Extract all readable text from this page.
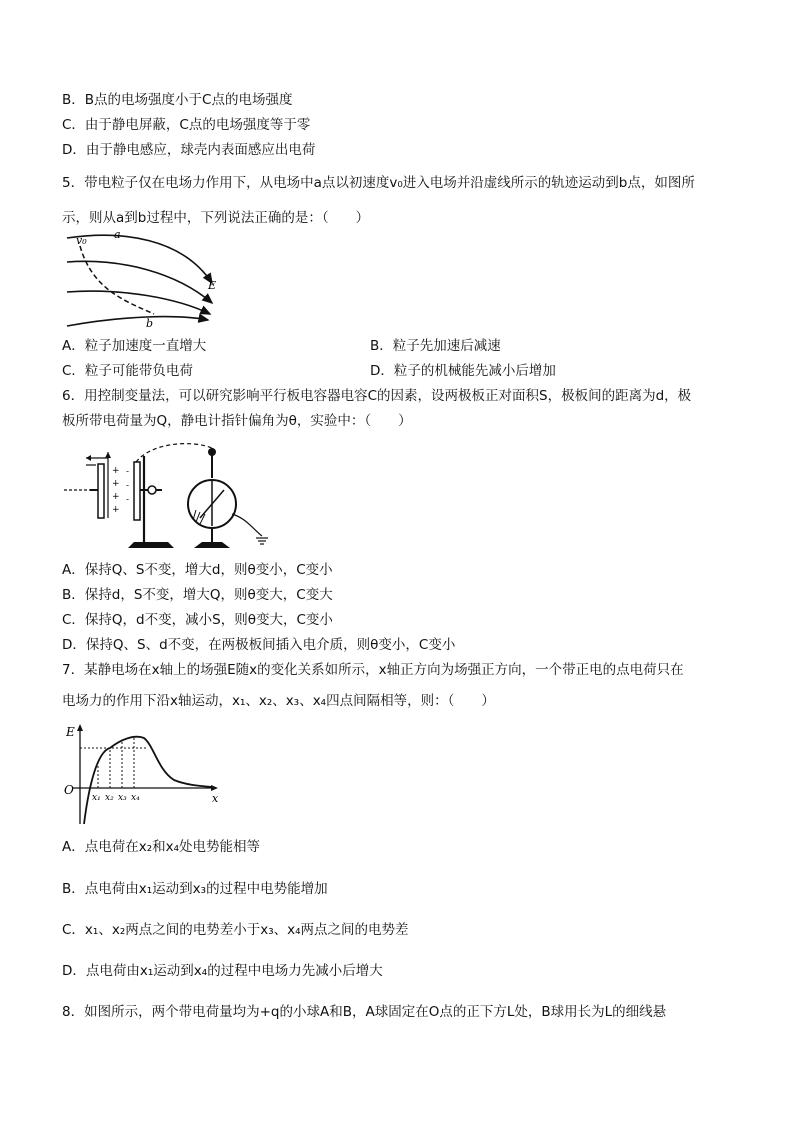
B．B点的电场强度小于C点的电场强度
C．由于静电屏蔽，C点的电场强度等于零
D．由于静电感应，球壳内表面感应出电荷
5．带电粒子仅在电场力作用下，从电场中a点以初速度v₀进入电场并沿虚线所示的轨迹运动到b点，如图所
示，则从a到b过程中，下列说法正确的是：（　　）
v₀ a
E
b
A．粒子加速度一直增大	B．粒子先加速后减速
C．粒子可能带负电荷	D．粒子的机械能先减小后增加
6．用控制变量法，可以研究影响平行板电容器电容C的因素，设两极板正对面积S，极板间的距离为d，极
板所带电荷量为Q，静电计指针偏角为θ，实验中：（　　）
+
+
+
+
-
-
-
A．保持Q、S不变，增大d，则θ变小，C变小
B．保持d，S不变，增大Q，则θ变大，C变大
C．保持Q，d不变，减小S，则θ变大，C变小
D．保持Q、S、d不变，在两极板间插入电介质，则θ变小，C变小
7．某静电场在x轴上的场强E随x的变化关系如所示，x轴正方向为场强正方向，一个带正电的点电荷只在
电场力的作用下沿x轴运动，x₁、x₂、x₃、x₄四点间隔相等，则：（　　）
E
O
x
x₁ x₂ x₃ x₄
A．点电荷在x₂和x₄处电势能相等
B．点电荷由x₁运动到x₃的过程中电势能增加
C．x₁、x₂两点之间的电势差小于x₃、x₄两点之间的电势差
D．点电荷由x₁运动到x₄的过程中电场力先减小后增大
8．如图所示，两个带电荷量均为+q的小球A和B，A球固定在O点的正下方L处，B球用长为L的细线悬
